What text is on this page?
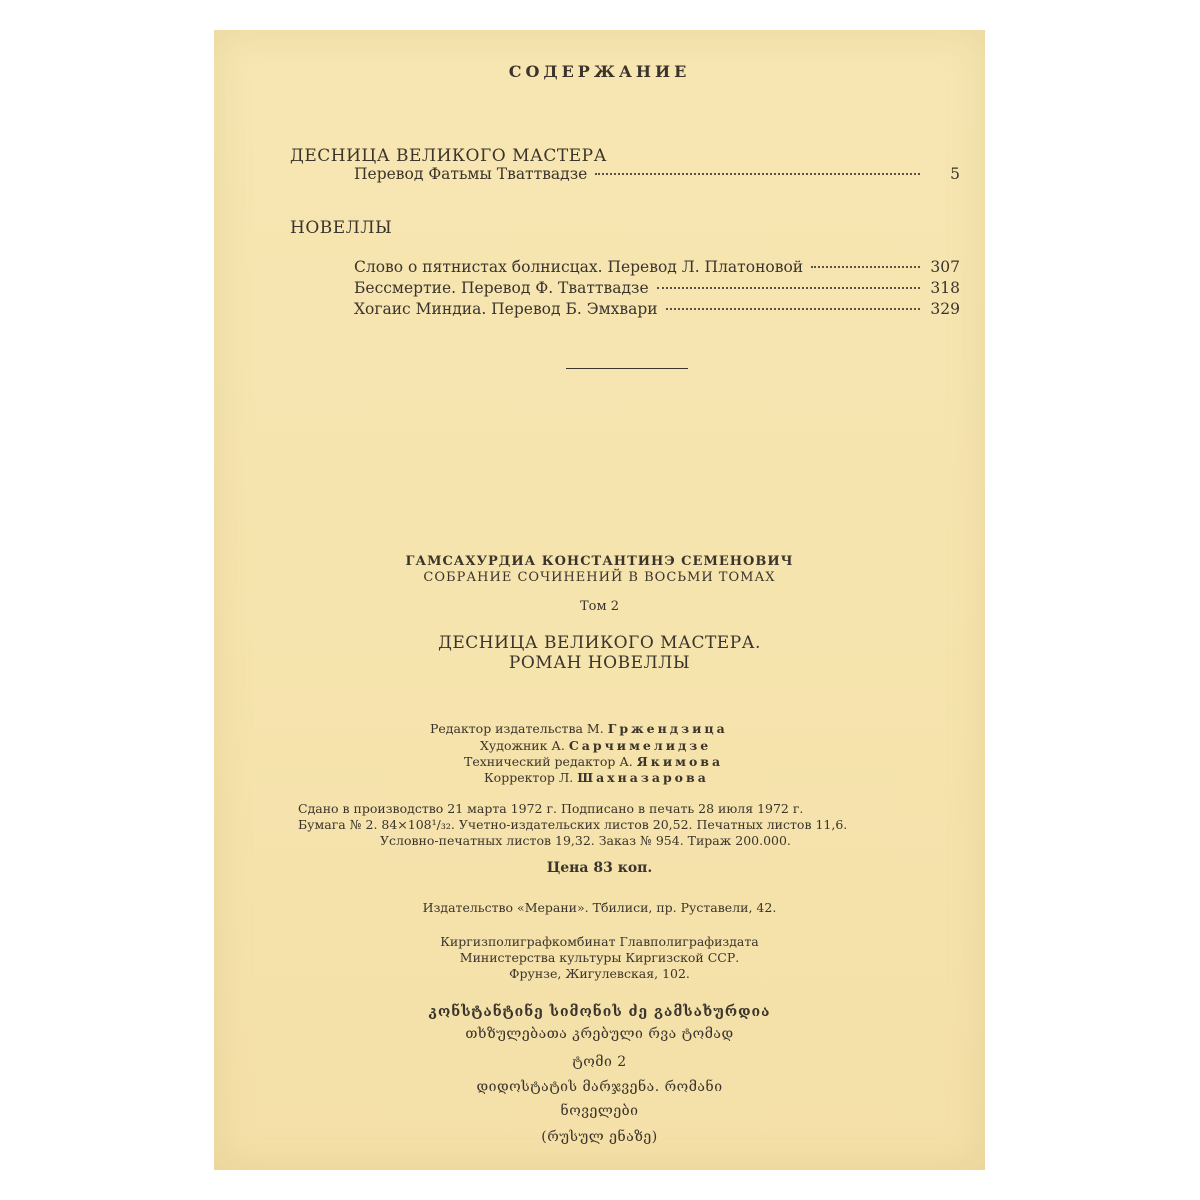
СОДЕРЖАНИЕ
ДЕСНИЦА ВЕЛИКОГО МАСТЕРА
Перевод Фатьмы Тваттвадзе	5
НОВЕЛЛЫ
Слово о пятнистах болнисцах. Перевод Л. Платоновой	307
Бессмертие. Перевод Ф. Тваттвадзе	318
Хогаис Миндиа. Перевод Б. Эмхвари	329
ГАМСАХУРДИА КОНСТАНТИНЭ СЕМЕНОВИЧ
СОБРАНИЕ СОЧИНЕНИЙ В ВОСЬМИ ТОМАХ
Том 2
ДЕСНИЦА ВЕЛИКОГО МАСТЕРА.
РОМАН НОВЕЛЛЫ
Редактор издательства М. Гржендзица
Художник А. Сарчимелидзе
Технический редактор А. Якимова
Корректор Л. Шахназарова
Сдано в производство 21 марта 1972 г. Подписано в печать 28 июля 1972 г.
Бумага № 2. 84×108¹/₃₂. Учетно-издательских листов 20,52. Печатных листов 11,6.
Условно-печатных листов 19,32. Заказ № 954. Тираж 200.000.
Цена 83 коп.
Издательство «Мерани». Тбилиси, пр. Руставели, 42.
Киргизполиграфкомбинат Главполиграфиздата
Министерства культуры Киргизской ССР.
Фрунзе, Жигулевская, 102.
კონსტანტინე სიმონის ძე გამსახურდია
თხზულებათა კრებული რვა ტომად
ტომი 2
დიდოსტატის მარჯვენა. რომანი
ნოველები
(რუსულ ენაზე)
